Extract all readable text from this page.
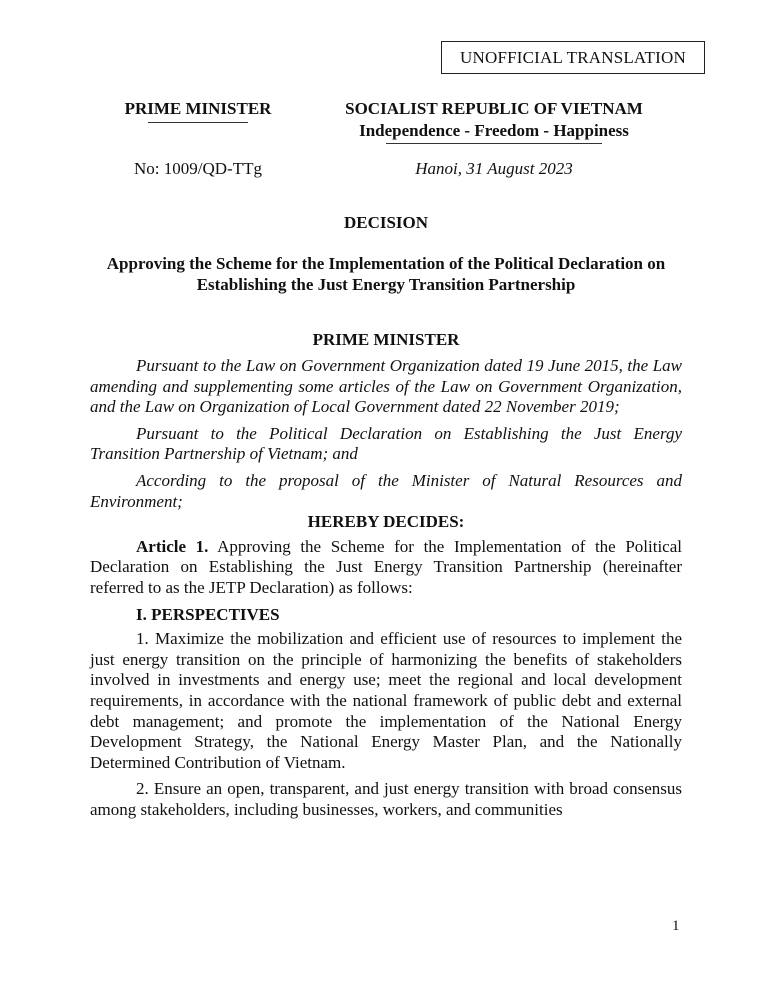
UNOFFICIAL TRANSLATION
PRIME MINISTER	SOCIALIST REPUBLIC OF VIETNAM
Independence - Freedom - Happiness
No: 1009/QD-TTg	Hanoi, 31 August 2023
DECISION
Approving the Scheme for the Implementation of the Political Declaration on Establishing the Just Energy Transition Partnership
PRIME MINISTER

Pursuant to the Law on Government Organization dated 19 June 2015, the Law amending and supplementing some articles of the Law on Government Organization, and the Law on Organization of Local Government dated 22 November 2019;

Pursuant to the Political Declaration on Establishing the Just Energy Transition Partnership of Vietnam; and

According to the proposal of the Minister of Natural Resources and Environment;

HEREBY DECIDES:

Article 1. Approving the Scheme for the Implementation of the Political Declaration on Establishing the Just Energy Transition Partnership (hereinafter referred to as the JETP Declaration) as follows:

I. PERSPECTIVES

1. Maximize the mobilization and efficient use of resources to implement the just energy transition on the principle of harmonizing the benefits of stakeholders involved in investments and energy use; meet the regional and local development requirements, in accordance with the national framework of public debt and external debt management; and promote the implementation of the National Energy Development Strategy, the National Energy Master Plan, and the Nationally Determined Contribution of Vietnam.

2. Ensure an open, transparent, and just energy transition with broad consensus among stakeholders, including businesses, workers, and communities

1
